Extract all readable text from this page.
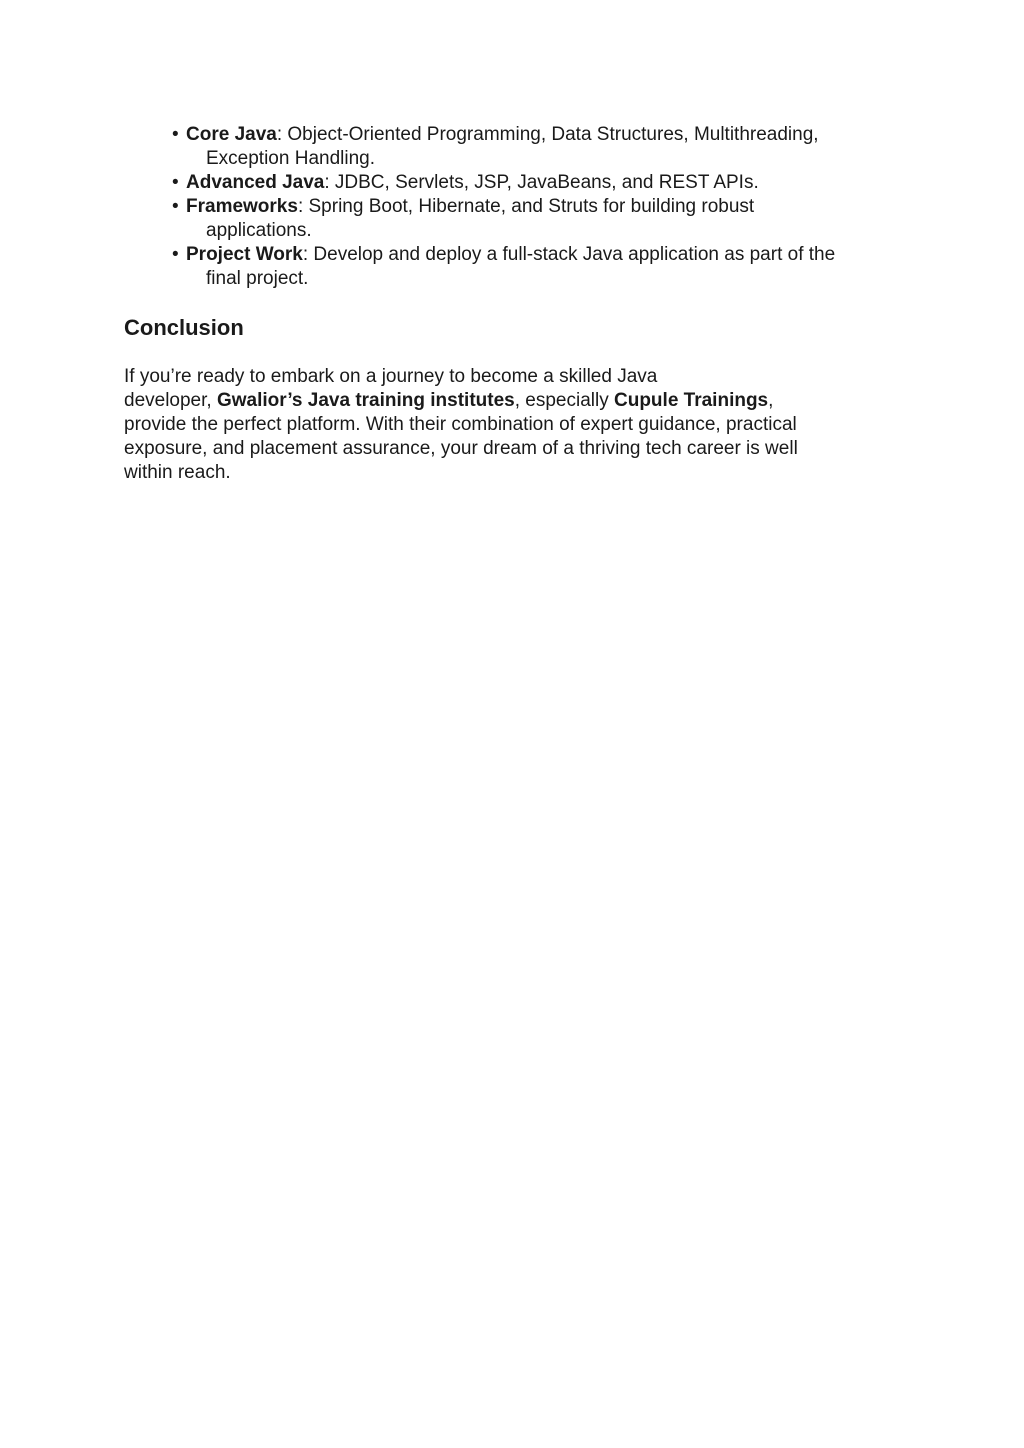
• Core Java: Object-Oriented Programming, Data Structures, Multithreading,
Exception Handling.
• Advanced Java: JDBC, Servlets, JSP, JavaBeans, and REST APIs.
• Frameworks: Spring Boot, Hibernate, and Struts for building robust
applications.
• Project Work: Develop and deploy a full-stack Java application as part of the
final project.
Conclusion

If you’re ready to embark on a journey to become a skilled Java
developer, Gwalior’s Java training institutes, especially Cupule Trainings,
provide the perfect platform. With their combination of expert guidance, practical
exposure, and placement assurance, your dream of a thriving tech career is well
within reach.
